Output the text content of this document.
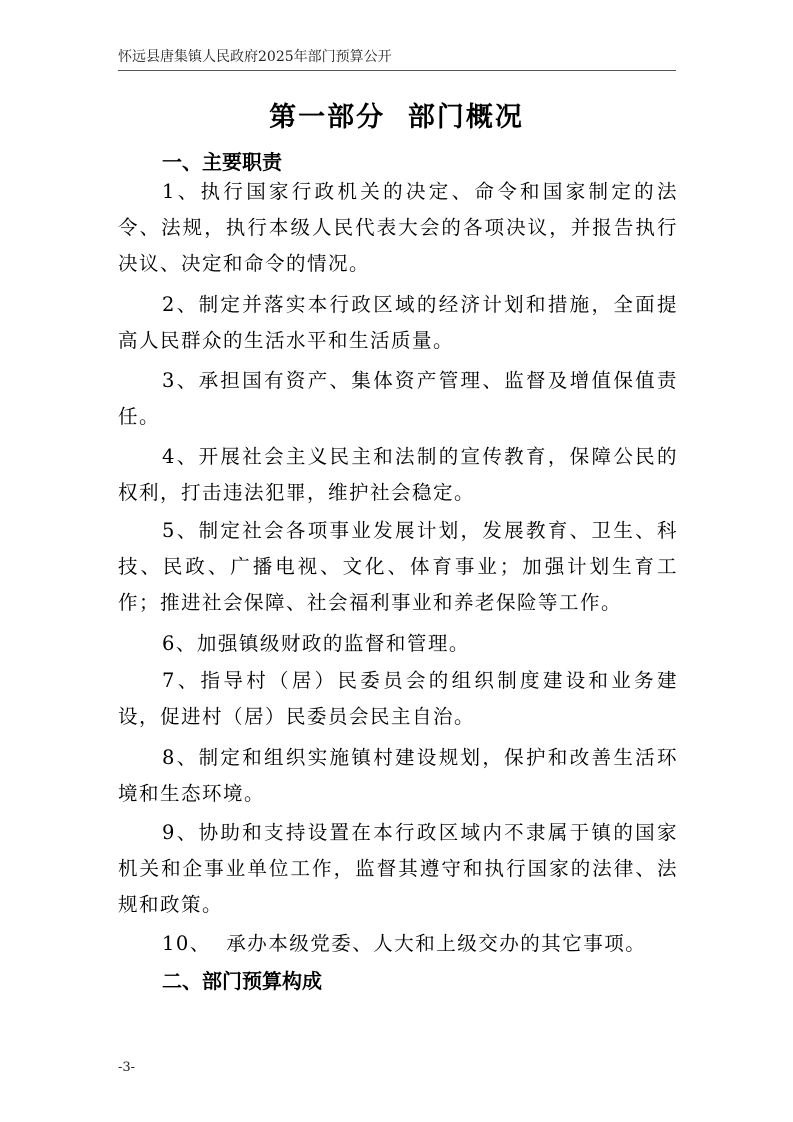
怀远县唐集镇人民政府2025年部门预算公开
第一部分  部门概况
一、主要职责

1、执行国家行政机关的决定、命令和国家制定的法令、法规，执行本级人民代表大会的各项决议，并报告执行决议、决定和命令的情况。

2、制定并落实本行政区域的经济计划和措施，全面提高人民群众的生活水平和生活质量。

3、承担国有资产、集体资产管理、监督及增值保值责任。

4、开展社会主义民主和法制的宣传教育，保障公民的权利，打击违法犯罪，维护社会稳定。

5、制定社会各项事业发展计划，发展教育、卫生、科技、民政、广播电视、文化、体育事业；加强计划生育工作；推进社会保障、社会福利事业和养老保险等工作。

6、加强镇级财政的监督和管理。

7、指导村（居）民委员会的组织制度建设和业务建设，促进村（居）民委员会民主自治。

8、制定和组织实施镇村建设规划，保护和改善生活环境和生态环境。

9、协助和支持设置在本行政区域内不隶属于镇的国家机关和企事业单位工作，监督其遵守和执行国家的法律、法规和政策。

10、  承办本级党委、人大和上级交办的其它事项。

二、部门预算构成
-3-
